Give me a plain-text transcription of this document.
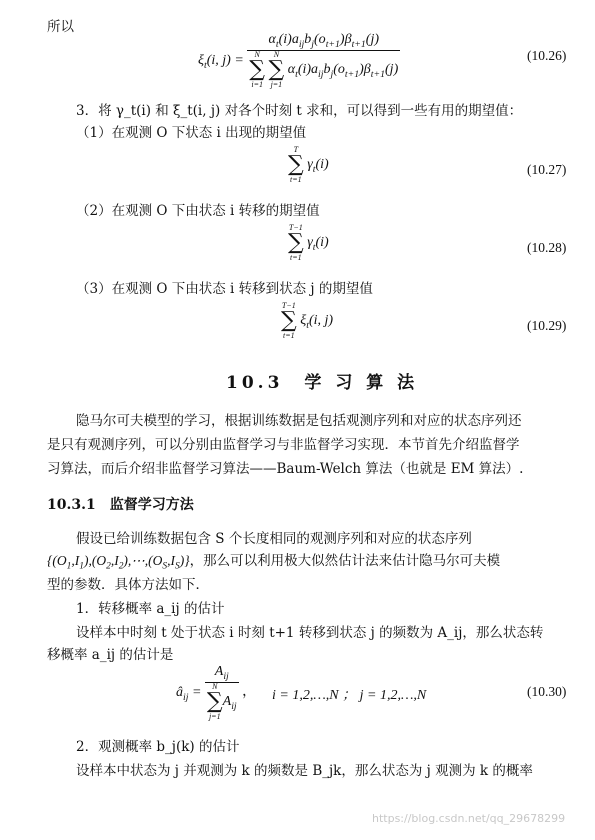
所以
$\xi_t(i$, $j) = \alpha_t(i)a_{ij}b_j(o_{t+1})\beta_{t+1}(j)$
N
∑
i=1

N
∑
j=1
$\alpha_t(i)a_{ij}b_j(o_{t+1})\beta_{t+1}(j)$	(10.26)
3．将 γ_t(i) 和 ξ_t(i, j) 对各个时刻 t 求和，可以得到一些有用的期望值：
（1）在观测 O 下状态 i 出现的期望值
T
∑
t=1
$\gamma_t(i)$	(10.27)
（2）在观测 O 下由状态 i 转移的期望值
T−1
∑
t=1
$\gamma_t(i)$	(10.28)
（3）在观测 O 下由状态 i 转移到状态 j 的期望值
T−1
∑
t=1
$\xi_t(i$, j)	(10.29)
10.3　学 习 算 法
隐马尔可夫模型的学习，根据训练数据是包括观测序列和对应的状态序列还
是只有观测序列，可以分别由监督学习与非监督学习实现．本节首先介绍监督学
习算法，而后介绍非监督学习算法——Baum-Welch 算法（也就是 EM 算法）.
10.3.1　监督学习方法
假设已给训练数据包含 S 个长度相同的观测序列和对应的状态序列
$\{(O_1,I_1),(O_2,I_2),\cdots,(O_S,I_S)\}$，那么可以利用极大似然估计法来估计隐马尔可夫模
型的参数．具体方法如下．
1．转移概率 a_ij 的估计
设样本中时刻 t 处于状态 i 时刻 t+1 转移到状态 j 的频数为 A_ij，那么状态转
移概率 a_ij 的估计是
$â_{ij} = A_{ij}$
N
∑
j=1
$A_{ij}$ ， i = 1,2,…,N ； j = 1,2,…,N	(10.30)
2．观测概率 b_j(k) 的估计
设样本中状态为 j 并观测为 k 的频数是 B_jk，那么状态为 j 观测为 k 的概率
https://blog.csdn.net/qq_29678299
